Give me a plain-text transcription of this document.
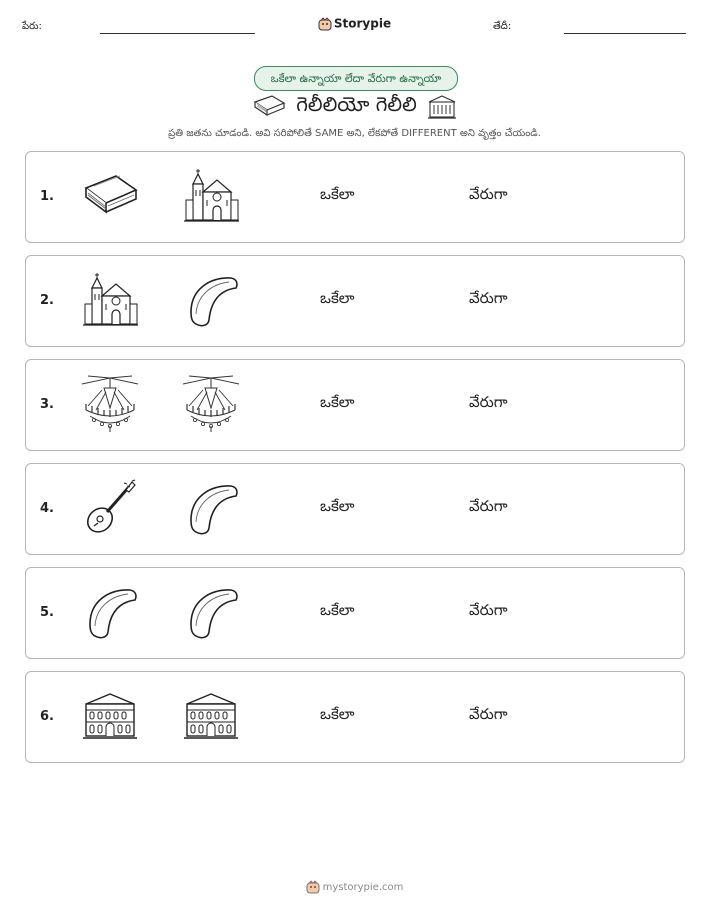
పేరు:	Storypie	తేదీ:
ఒకేలా ఉన్నాయా లేదా వేరుగా ఉన్నాయా
గెలీలియో గెలీలి
ప్రతి జతను చూడండి. అవి సరిపోలితే SAME అని, లేకపోతే DIFFERENT అని వృత్తం చేయండి.
1.	ఒకేలా	వేరుగా
2.	ఒకేలా	వేరుగా
3.	ఒకేలా	వేరుగా
4.	ఒకేలా	వేరుగా
5.	ఒకేలా	వేరుగా
6.	ఒకేలా	వేరుగా
mystorypie.com
